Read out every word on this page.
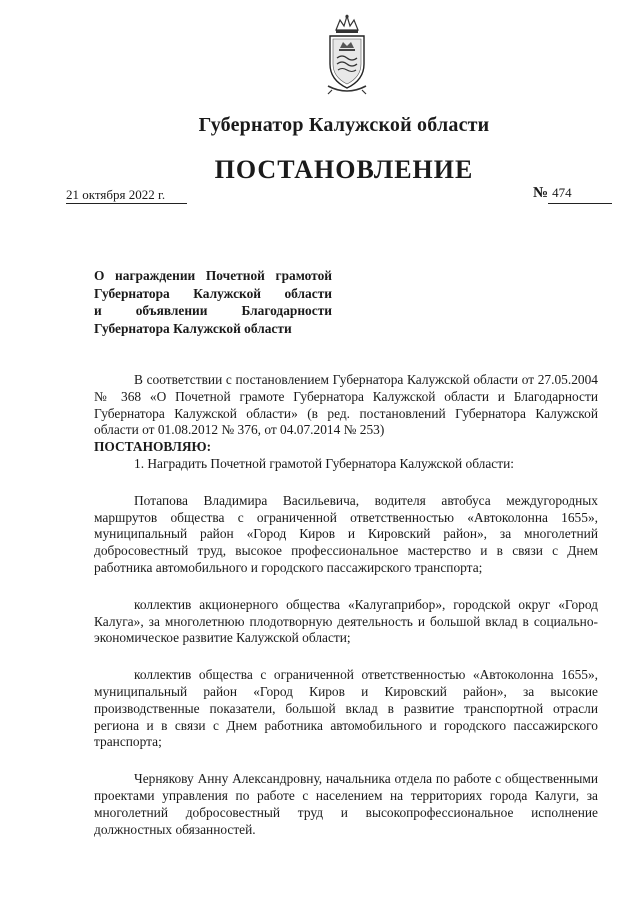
Губернатор Калужской области
ПОСТАНОВЛЕНИЕ
21 октября 2022 г.	№ 474
О награждении Почетной грамотой
Губернатора Калужской области
и объявлении Благодарности
Губернатора Калужской области

В соответствии с постановлением Губернатора Калужской области от 27.05.2004 № 368 «О Почетной грамоте Губернатора Калужской области и Благодарности Губернатора Калужской области» (в ред. постановлений Губернатора Калужской области от 01.08.2012 № 376, от 04.07.2014 № 253)

ПОСТАНОВЛЯЮ:

1. Наградить Почетной грамотой Губернатора Калужской области:

Потапова Владимира Васильевича, водителя автобуса междугородных маршрутов общества с ограниченной ответственностью «Автоколонна 1655», муниципальный район «Город Киров и Кировский район», за многолетний добросовестный труд, высокое профессиональное мастерство и в связи с Днем работника автомобильного и городского пассажирского транспорта;

коллектив акционерного общества «Калугаприбор», городской округ «Город Калуга», за многолетнюю плодотворную деятельность и большой вклад в социально-экономическое развитие Калужской области;

коллектив общества с ограниченной ответственностью «Автоколонна 1655», муниципальный район «Город Киров и Кировский район», за высокие производственные показатели, большой вклад в развитие транспортной отрасли региона и в связи с Днем работника автомобильного и городского пассажирского транспорта;

Чернякову Анну Александровну, начальника отдела по работе с общественными проектами управления по работе с населением на территориях города Калуги, за многолетний добросовестный труд и высокопрофессиональное исполнение должностных обязанностей.
